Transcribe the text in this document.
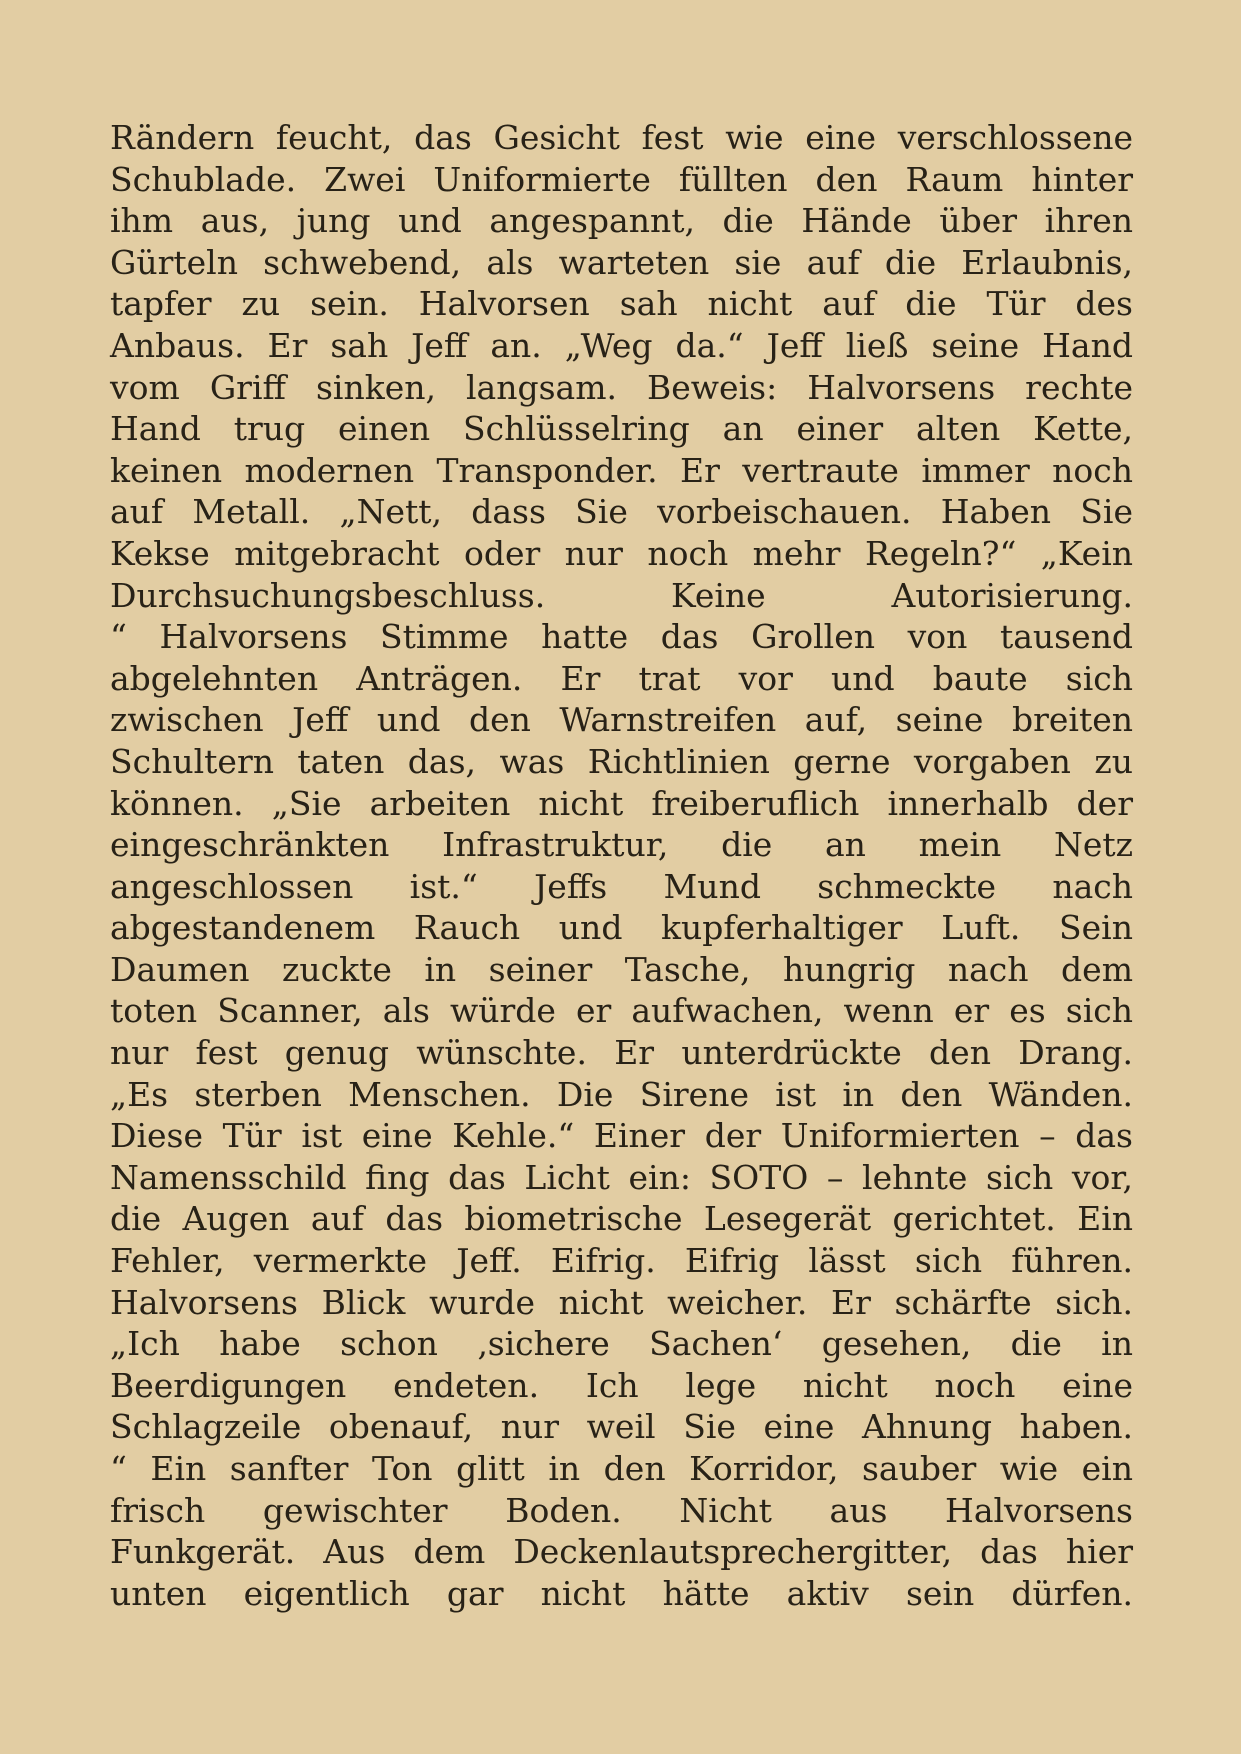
Rändern feucht, das Gesicht fest wie eine verschlossene
Schublade. Zwei Uniformierte füllten den Raum hinter
ihm aus, jung und angespannt, die Hände über ihren
Gürteln schwebend, als warteten sie auf die Erlaubnis,
tapfer zu sein. Halvorsen sah nicht auf die Tür des
Anbaus. Er sah Jeff an. „Weg da.“ Jeff ließ seine Hand
vom Griff sinken, langsam. Beweis: Halvorsens rechte
Hand trug einen Schlüsselring an einer alten Kette,
keinen modernen Transponder. Er vertraute immer noch
auf Metall. „Nett, dass Sie vorbeischauen. Haben Sie
Kekse mitgebracht oder nur noch mehr Regeln?“ „Kein
Durchsuchungsbeschluss. Keine Autorisierung.
“ Halvorsens Stimme hatte das Grollen von tausend
abgelehnten Anträgen. Er trat vor und baute sich
zwischen Jeff und den Warnstreifen auf, seine breiten
Schultern taten das, was Richtlinien gerne vorgaben zu
können. „Sie arbeiten nicht freiberuflich innerhalb der
eingeschränkten Infrastruktur, die an mein Netz
angeschlossen ist.“ Jeffs Mund schmeckte nach
abgestandenem Rauch und kupferhaltiger Luft. Sein
Daumen zuckte in seiner Tasche, hungrig nach dem
toten Scanner, als würde er aufwachen, wenn er es sich
nur fest genug wünschte. Er unterdrückte den Drang.
„Es sterben Menschen. Die Sirene ist in den Wänden.
Diese Tür ist eine Kehle.“ Einer der Uniformierten – das
Namensschild fing das Licht ein: SOTO – lehnte sich vor,
die Augen auf das biometrische Lesegerät gerichtet. Ein
Fehler, vermerkte Jeff. Eifrig. Eifrig lässt sich führen.
Halvorsens Blick wurde nicht weicher. Er schärfte sich.
„Ich habe schon ‚sichere Sachen‘ gesehen, die in
Beerdigungen endeten. Ich lege nicht noch eine
Schlagzeile obenauf, nur weil Sie eine Ahnung haben.
“ Ein sanfter Ton glitt in den Korridor, sauber wie ein
frisch gewischter Boden. Nicht aus Halvorsens
Funkgerät. Aus dem Deckenlautsprechergitter, das hier
unten eigentlich gar nicht hätte aktiv sein dürfen.
